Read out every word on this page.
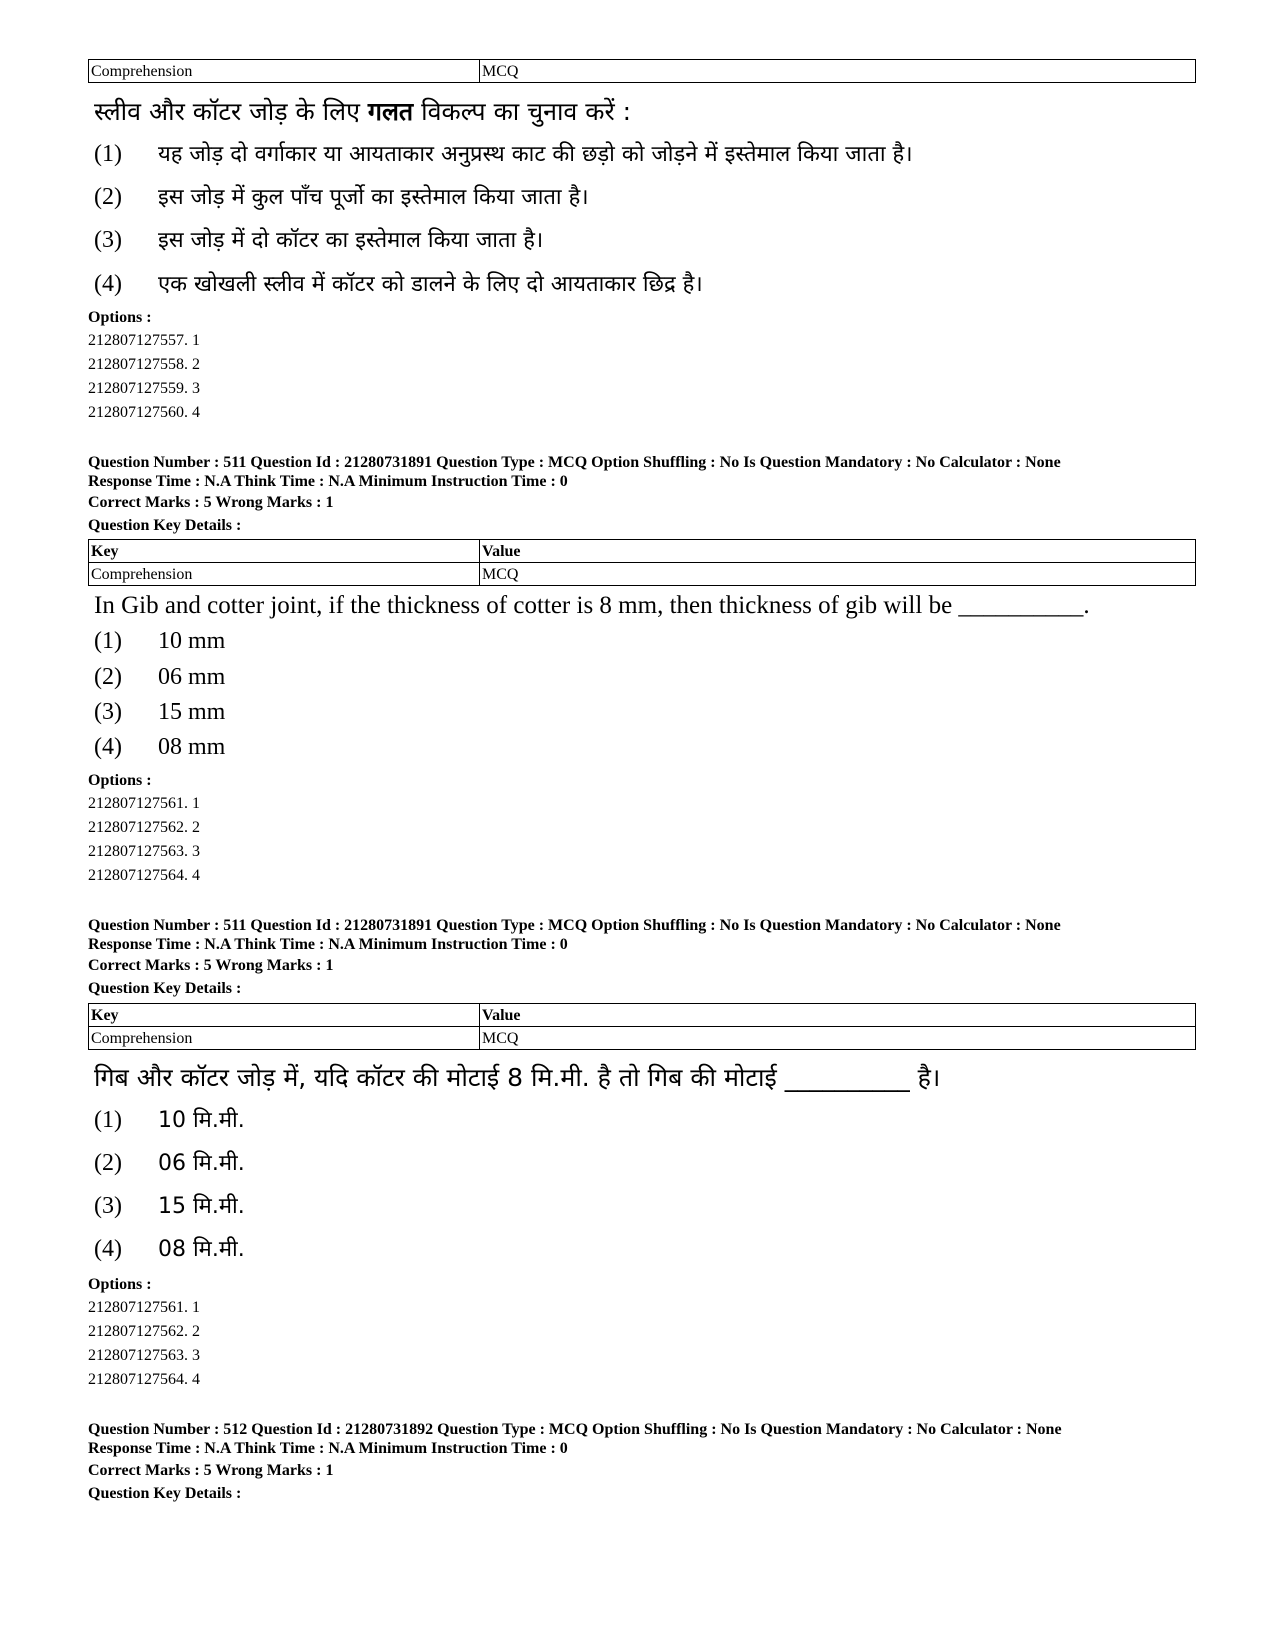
Comprehension	MCQ
स्लीव और कॉटर जोड़ के लिए गलत विकल्प का चुनाव करें :
(1) यह जोड़ दो वर्गाकार या आयताकार अनुप्रस्थ काट की छड़ो को जोड़ने में इस्तेमाल किया जाता है।
(2) इस जोड़ में कुल पाँच पूर्जो का इस्तेमाल किया जाता है।
(3) इस जोड़ में दो कॉटर का इस्तेमाल किया जाता है।
(4) एक खोखली स्लीव में कॉटर को डालने के लिए दो आयताकार छिद्र है।
Options :
212807127557. 1
212807127558. 2
212807127559. 3
212807127560. 4
Question Number : 511 Question Id : 21280731891 Question Type : MCQ Option Shuffling : No Is Question Mandatory : No Calculator : None
Response Time : N.A Think Time : N.A Minimum Instruction Time : 0
Correct Marks : 5 Wrong Marks : 1
Question Key Details :
Key	Value
Comprehension	MCQ
In Gib and cotter joint, if the thickness of cotter is 8 mm, then thickness of gib will be __________.
(1) 10 mm
(2) 06 mm
(3) 15 mm
(4) 08 mm
Options :
212807127561. 1
212807127562. 2
212807127563. 3
212807127564. 4
Question Number : 511 Question Id : 21280731891 Question Type : MCQ Option Shuffling : No Is Question Mandatory : No Calculator : None
Response Time : N.A Think Time : N.A Minimum Instruction Time : 0
Correct Marks : 5 Wrong Marks : 1
Question Key Details :
Key	Value
Comprehension	MCQ
गिब और कॉटर जोड़ में, यदि कॉटर की मोटाई 8 मि.मी. है तो गिब की मोटाई __________ है।
(1) 10 मि.मी.
(2) 06 मि.मी.
(3) 15 मि.मी.
(4) 08 मि.मी.
Options :
212807127561. 1
212807127562. 2
212807127563. 3
212807127564. 4
Question Number : 512 Question Id : 21280731892 Question Type : MCQ Option Shuffling : No Is Question Mandatory : No Calculator : None
Response Time : N.A Think Time : N.A Minimum Instruction Time : 0
Correct Marks : 5 Wrong Marks : 1
Question Key Details :
